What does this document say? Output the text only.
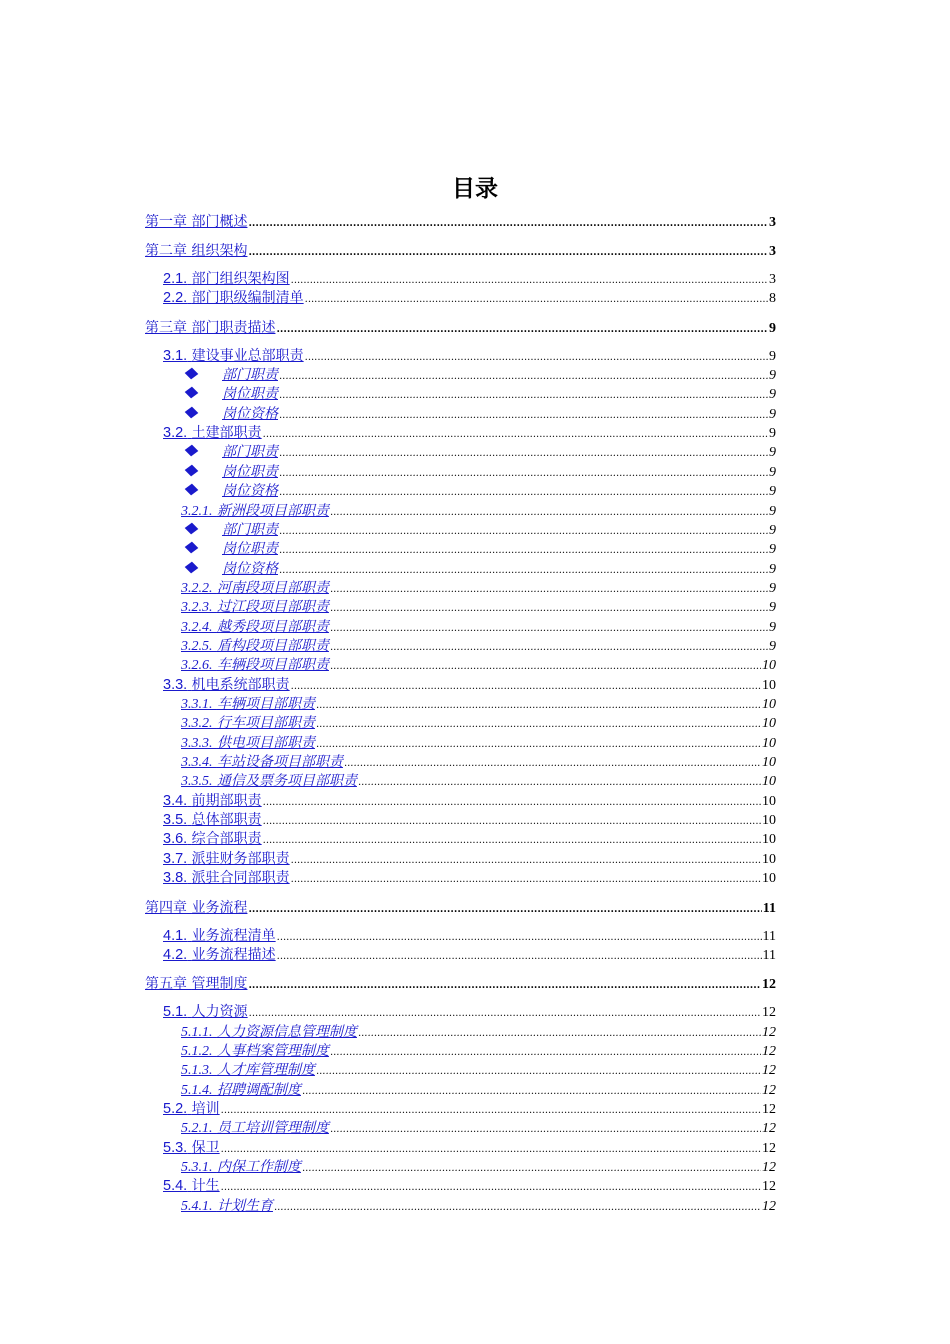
目录
第一章 部门概述 .....	3
第二章 组织架构 .....	3
2.1. 部门组织架构图 .....	3
2.2. 部门职级编制清单 .....	8
第三章 部门职责描述 .....	9
3.1. 建设事业总部职责 .....	9
部门职责 .....	9
岗位职责 .....	9
岗位资格 .....	9
3.2. 土建部职责 .....	9
部门职责 .....	9
岗位职责 .....	9
岗位资格 .....	9
3.2.1. 新洲段项目部职责 .....	9
部门职责 .....	9
岗位职责 .....	9
岗位资格 .....	9
3.2.2. 河南段项目部职责 .....	9
3.2.3. 过江段项目部职责 .....	9
3.2.4. 越秀段项目部职责 .....	9
3.2.5. 盾构段项目部职责 .....	9
3.2.6. 车辆段项目部职责 .....	10
3.3. 机电系统部职责 .....	10
3.3.1. 车辆项目部职责 .....	10
3.3.2. 行车项目部职责 .....	10
3.3.3. 供电项目部职责 .....	10
3.3.4. 车站设备项目部职责 .....	10
3.3.5. 通信及票务项目部职责 .....	10
3.4. 前期部职责 .....	10
3.5. 总体部职责 .....	10
3.6. 综合部职责 .....	10
3.7. 派驻财务部职责 .....	10
3.8. 派驻合同部职责 .....	10
第四章 业务流程 .....	11
4.1. 业务流程清单 .....	11
4.2. 业务流程描述 .....	11
第五章 管理制度 .....	12
5.1. 人力资源 .....	12
5.1.1. 人力资源信息管理制度 .....	12
5.1.2. 人事档案管理制度 .....	12
5.1.3. 人才库管理制度 .....	12
5.1.4. 招聘调配制度 .....	12
5.2. 培训 .....	12
5.2.1. 员工培训管理制度 .....	12
5.3. 保卫 .....	12
5.3.1. 内保工作制度 .....	12
5.4. 计生 .....	12
5.4.1. 计划生育 .....	12
